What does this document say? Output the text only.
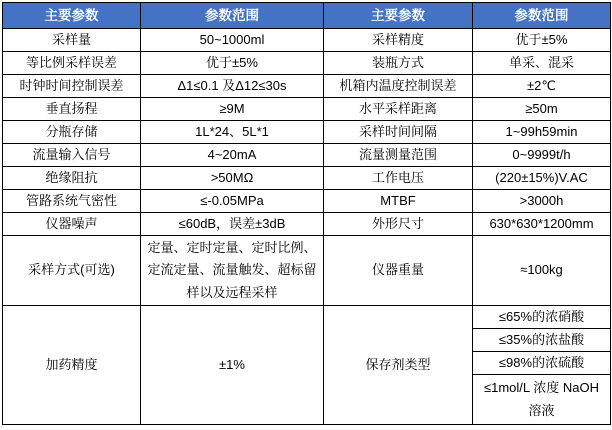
主要参数	参数范围	主要参数	参数范围
采样量	50~1000ml	采样精度	优于±5%
等比例采样误差	优于±5%	装瓶方式	单采、混采
时钟时间控制误差	Δ1≤0.1 及Δ12≤30s	机箱内温度控制误差	±2℃
垂直扬程	≥9M	水平采样距离	≥50m
分瓶存储	1L*24、5L*1	采样时间间隔	1~99h59min
流量输入信号	4~20mA	流量测量范围	0~9999t/h
绝缘阻抗	>50MΩ	工作电压	(220±15%)V.AC
管路系统气密性	≤-0.05MPa	MTBF	>3000h
仪器噪声	≤60dB，误差±3dB	外形尺寸	630*630*1200mm
采样方式(可选)	定量、定时定量、定时比例、定流定量、流量触发、超标留样以及远程采样	仪器重量	≈100kg
加药精度	±1%	保存剂类型	≤65%的浓硝酸
			≤35%的浓盐酸
			≤98%的浓硫酸
			≤1mol/L 浓度 NaOH 溶液
